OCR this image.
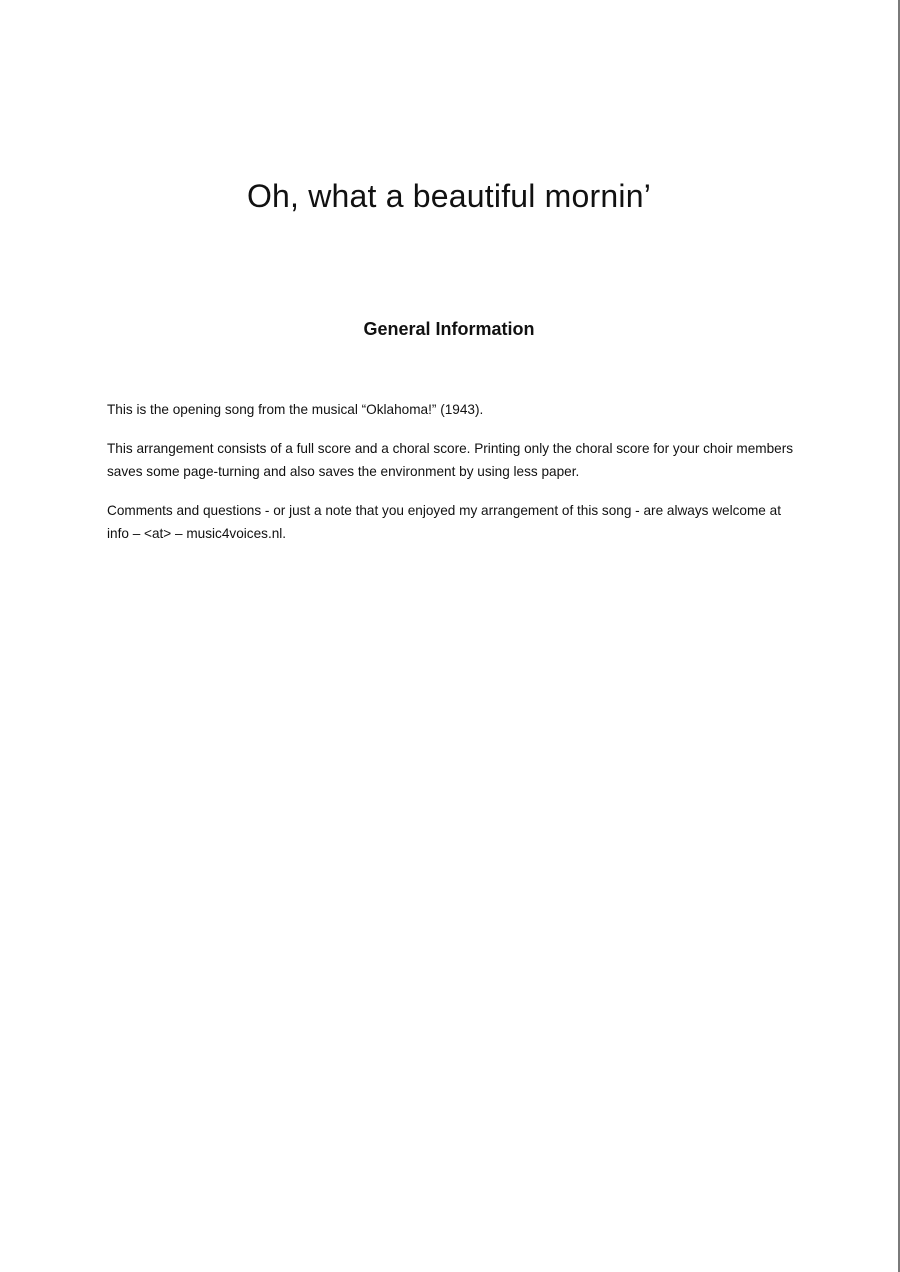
Oh, what a beautiful mornin’
General Information

This is the opening song from the musical “Oklahoma!” (1943).

This arrangement consists of a full score and a choral score. Printing only the choral score for your choir members saves some page-turning and also saves the environment by using less paper.

Comments and questions - or just a note that you enjoyed my arrangement of this song - are always welcome at info – <at> – music4voices.nl.
